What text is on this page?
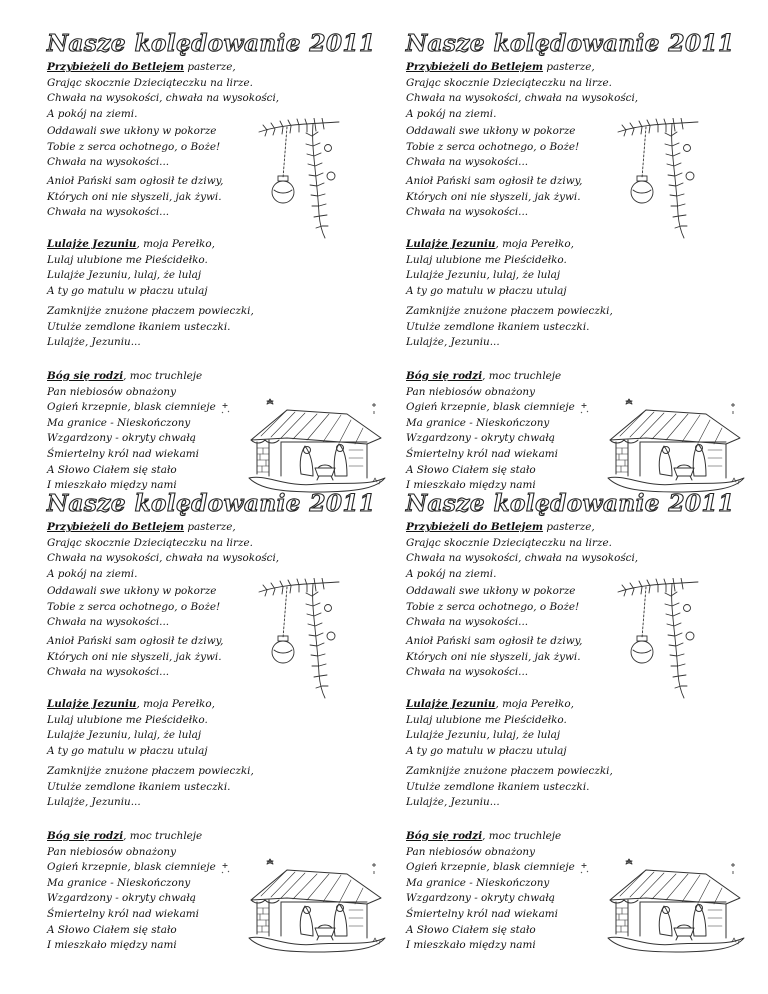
Nasze kolędowanie 2011

Przybieżeli do Betlejem pasterze,
Grając skocznie Dzieciąteczku na lirze.
Chwała na wysokości, chwała na wysokości,
A pokój na ziemi.

Oddawali swe ukłony w pokorze
Tobie z serca ochotnego, o Boże!
Chwała na wysokości...

Anioł Pański sam ogłosił te dziwy,
Których oni nie słyszeli, jak żywi.
Chwała na wysokości...

Lulajże Jezuniu, moja Perełko,
Lulaj ulubione me Pieścidełko.
Lulajże Jezuniu, lulaj, że lulaj
A ty go matulu w płaczu utulaj

Zamknijże znużone płaczem powieczki,
Utulże zemdlone łkaniem usteczki.
Lulajże, Jezuniu...

Bóg się rodzi, moc truchleje
Pan niebiosów obnażony
Ogień krzepnie, blask ciemnieje
Ma granice - Nieskończony
Wzgardzony - okryty chwałą
Śmiertelny król nad wiekami
A Słowo Ciałem się stało
I mieszkało między nami

Nasze kolędowanie 2011

Przybieżeli do Betlejem pasterze,
Grając skocznie Dzieciąteczku na lirze.
Chwała na wysokości, chwała na wysokości,
A pokój na ziemi.

Oddawali swe ukłony w pokorze
Tobie z serca ochotnego, o Boże!
Chwała na wysokości...

Anioł Pański sam ogłosił te dziwy,
Których oni nie słyszeli, jak żywi.
Chwała na wysokości...

Lulajże Jezuniu, moja Perełko,
Lulaj ulubione me Pieścidełko.
Lulajże Jezuniu, lulaj, że lulaj
A ty go matulu w płaczu utulaj

Zamknijże znużone płaczem powieczki,
Utulże zemdlone łkaniem usteczki.
Lulajże, Jezuniu...

Bóg się rodzi, moc truchleje
Pan niebiosów obnażony
Ogień krzepnie, blask ciemnieje
Ma granice - Nieskończony
Wzgardzony - okryty chwałą
Śmiertelny król nad wiekami
A Słowo Ciałem się stało
I mieszkało między nami

Nasze kolędowanie 2011

Przybieżeli do Betlejem pasterze,
Grając skocznie Dzieciąteczku na lirze.
Chwała na wysokości, chwała na wysokości,
A pokój na ziemi.

Oddawali swe ukłony w pokorze
Tobie z serca ochotnego, o Boże!
Chwała na wysokości...

Anioł Pański sam ogłosił te dziwy,
Których oni nie słyszeli, jak żywi.
Chwała na wysokości...

Lulajże Jezuniu, moja Perełko,
Lulaj ulubione me Pieścidełko.
Lulajże Jezuniu, lulaj, że lulaj
A ty go matulu w płaczu utulaj

Zamknijże znużone płaczem powieczki,
Utulże zemdlone łkaniem usteczki.
Lulajże, Jezuniu...

Bóg się rodzi, moc truchleje
Pan niebiosów obnażony
Ogień krzepnie, blask ciemnieje
Ma granice - Nieskończony
Wzgardzony - okryty chwałą
Śmiertelny król nad wiekami
A Słowo Ciałem się stało
I mieszkało między nami

Nasze kolędowanie 2011

Przybieżeli do Betlejem pasterze,
Grając skocznie Dzieciąteczku na lirze.
Chwała na wysokości, chwała na wysokości,
A pokój na ziemi.

Oddawali swe ukłony w pokorze
Tobie z serca ochotnego, o Boże!
Chwała na wysokości...

Anioł Pański sam ogłosił te dziwy,
Których oni nie słyszeli, jak żywi.
Chwała na wysokości...

Lulajże Jezuniu, moja Perełko,
Lulaj ulubione me Pieścidełko.
Lulajże Jezuniu, lulaj, że lulaj
A ty go matulu w płaczu utulaj

Zamknijże znużone płaczem powieczki,
Utulże zemdlone łkaniem usteczki.
Lulajże, Jezuniu...

Bóg się rodzi, moc truchleje
Pan niebiosów obnażony
Ogień krzepnie, blask ciemnieje
Ma granice - Nieskończony
Wzgardzony - okryty chwałą
Śmiertelny król nad wiekami
A Słowo Ciałem się stało
I mieszkało między nami
